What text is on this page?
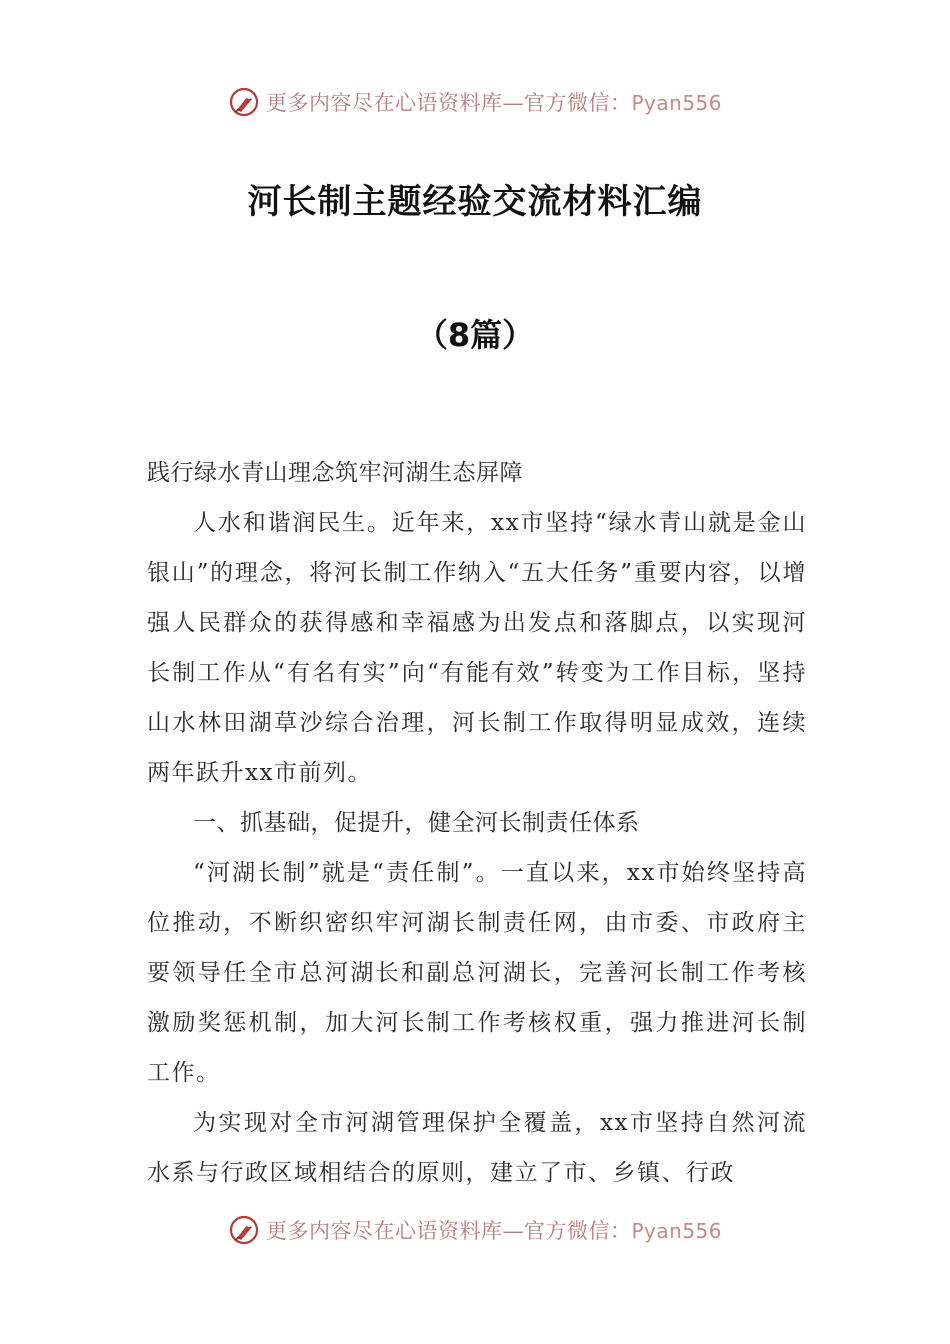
更多内容尽在心语资料库—官方微信：Pyan556
河长制主题经验交流材料汇编
（8篇）

践行绿水青山理念筑牢河湖生态屏障

人水和谐润民生。近年来，xx市坚持“绿水青山就是金山银山”的理念，将河长制工作纳入“五大任务”重要内容，以增强人民群众的获得感和幸福感为出发点和落脚点，以实现河长制工作从“有名有实”向“有能有效”转变为工作目标，坚持山水林田湖草沙综合治理，河长制工作取得明显成效，连续两年跃升xx市前列。

一、抓基础，促提升，健全河长制责任体系

“河湖长制”就是“责任制”。一直以来，xx市始终坚持高位推动，不断织密织牢河湖长制责任网，由市委、市政府主要领导任全市总河湖长和副总河湖长，完善河长制工作考核激励奖惩机制，加大河长制工作考核权重，强力推进河长制工作。

为实现对全市河湖管理保护全覆盖，xx市坚持自然河流水系与行政区域相结合的原则，建立了市、乡镇、行政

更多内容尽在心语资料库—官方微信：Pyan556
